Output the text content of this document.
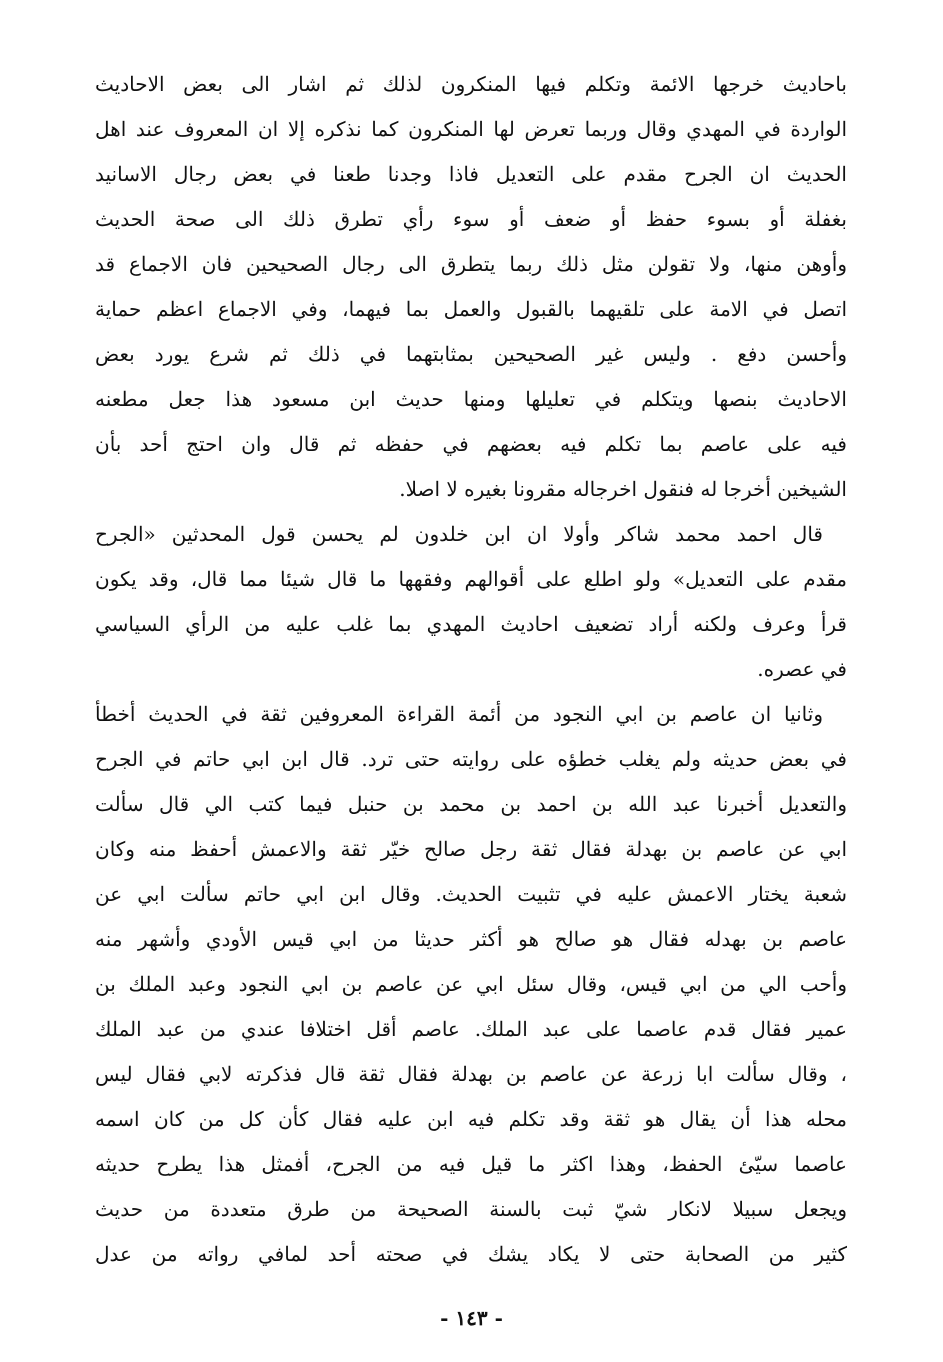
باحاديث خرجها الائمة وتكلم فيها المنكرون لذلك ثم اشار الى بعض الاحاديث
الواردة في المهدي وقال وربما تعرض لها المنكرون كما نذكره إلا ان المعروف عند اهل
الحديث ان الجرح مقدم على التعديل فاذا وجدنا طعنا في بعض رجال الاسانيد
بغفلة أو بسوء حفظ أو ضعف أو سوء رأي تطرق ذلك الى صحة الحديث
وأوهن منها، ولا تقولن مثل ذلك ربما يتطرق الى رجال الصحيحين فان الاجماع قد
اتصل في الامة على تلقيهما بالقبول والعمل بما فيهما، وفي الاجماع اعظم حماية
وأحسن دفع . وليس غير الصحيحين بمثابتهما في ذلك ثم شرع يورد بعض
الاحاديث بنصها ويتكلم في تعليلها ومنها حديث ابن مسعود هذا جعل مطعنه
فيه على عاصم بما تكلم فيه بعضهم في حفظه ثم قال وان احتج أحد بأن
الشيخين أخرجا له فنقول اخرجاله مقرونا بغيره لا اصلا.
قال احمد محمد شاكر وأولا ان ابن خلدون لم يحسن قول المحدثين «الجرح
مقدم على التعديل» ولو اطلع على أقوالهم وفقهها ما قال شيئا مما قال، وقد يكون
قرأ وعرف ولكنه أراد تضعيف احاديث المهدي بما غلب عليه من الرأي السياسي
في عصره.
وثانيا ان عاصم بن ابي النجود من أئمة القراءة المعروفين ثقة في الحديث أخطأ
في بعض حديثه ولم يغلب خطؤه على روايته حتى ترد. قال ابن ابي حاتم في الجرح
والتعديل أخبرنا عبد الله بن احمد بن محمد بن حنبل فيما كتب الي قال سألت
ابي عن عاصم بن بهدلة فقال ثقة رجل صالح خيّر ثقة والاعمش أحفظ منه وكان
شعبة يختار الاعمش عليه في تثبيت الحديث. وقال ابن ابي حاتم سألت ابي عن
عاصم بن بهدله فقال هو صالح هو أكثر حديثا من ابي قيس الأودي وأشهر منه
وأحب الي من ابي قيس، وقال سئل ابي عن عاصم بن ابي النجود وعبد الملك بن
عمير فقال قدم عاصما على عبد الملك. عاصم أقل اختلافا عندي من عبد الملك
، وقال سألت ابا زرعة عن عاصم بن بهدلة فقال ثقة قال فذكرته لابي فقال ليس
محله هذا أن يقال هو ثقة وقد تكلم فيه ابن عليه فقال كأن كل من كان اسمه
عاصما سيّئ الحفظ، وهذا اكثر ما قيل فيه من الجرح، أفمثل هذا يطرح حديثه
ويجعل سبيلا لانكار شيّ ثبت بالسنة الصحيحة من طرق متعددة من حديث
كثير من الصحابة حتى لا يكاد يشك في صحته أحد لمافي رواته من عدل
- ١٤٣ -
